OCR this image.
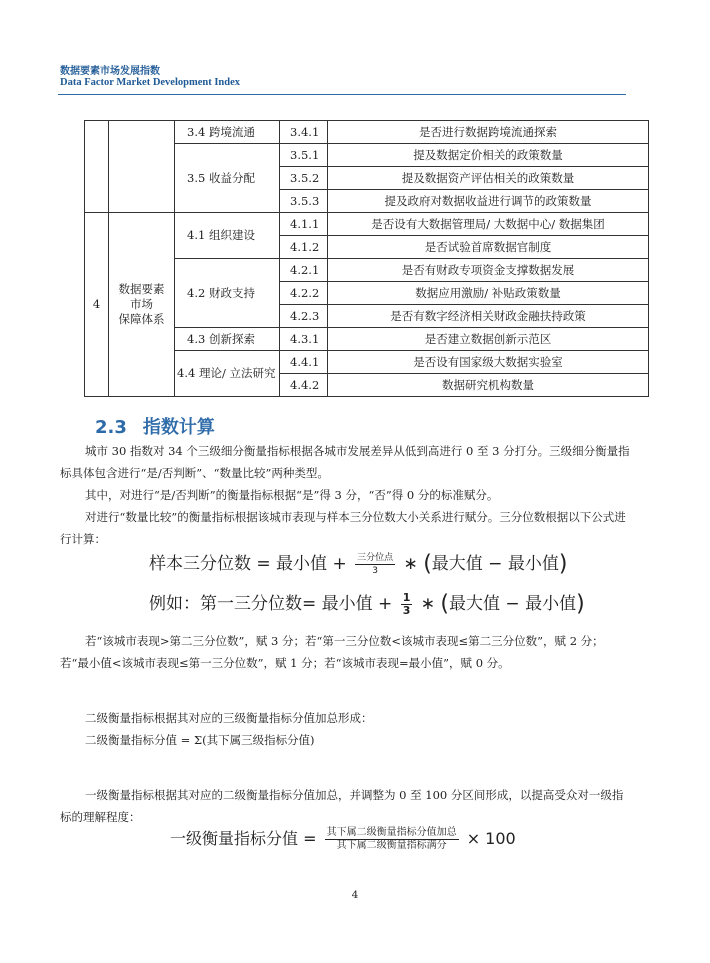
数据要素市场发展指数
Data Factor Market Development Index
		3.4 跨境流通	3.4.1	是否进行数据跨境流通探索
		3.5 收益分配	3.5.1	提及数据定价相关的政策数量
			3.5.2	提及数据资产评估相关的政策数量
			3.5.3	提及政府对数据收益进行调节的政策数量
4	数据要素
市场
保障体系	4.1 组织建设	4.1.1	是否设有大数据管理局/ 大数据中心/ 数据集团
			4.1.2	是否试验首席数据官制度
		4.2 财政支持	4.2.1	是否有财政专项资金支撑数据发展
			4.2.2	数据应用激励/ 补贴政策数量
			4.2.3	是否有数字经济相关财政金融扶持政策
		4.3 创新探索	4.3.1	是否建立数据创新示范区
		4.4 理论/ 立法研究	4.4.1	是否设有国家级大数据实验室
			4.4.2	数据研究机构数量
2.3 指数计算
城市 30 指数对 34 个三级细分衡量指标根据各城市发展差异从低到高进行 0 至 3 分打分。三级细分衡量指标具体包含进行“是/否判断”、“数量比较”两种类型。
其中，对进行“是/否判断”的衡量指标根据“是”得 3 分，“否”得 0 分的标准赋分。
对进行“数量比较”的衡量指标根据该城市表现与样本三分位数大小关系进行赋分。三分位数根据以下公式进行计算：
样本三分位数 = 最小值 + $\frac{\text{三分位点}}{3}$ ∗ (最大值 − 最小值)
例如：第一三分位数= 最小值 + $\frac{1}{3}$ ∗ (最大值 − 最小值)
若“该城市表现>第二三分位数”，赋 3 分；若“第一三分位数<该城市表现≤第二三分位数”，赋 2 分；若“最小值<该城市表现≤第一三分位数”，赋 1 分；若“该城市表现=最小值”，赋 0 分。
二级衡量指标根据其对应的三级衡量指标分值加总形成：
二级衡量指标分值 = Σ(其下属三级指标分值)
一级衡量指标根据其对应的二级衡量指标分值加总，并调整为 0 至 100 分区间形成，以提高受众对一级指标的理解程度：
一级衡量指标分值 = $\frac{\text{其下属二级衡量指标分值加总}}{\text{其下属二级衡量指标满分}} \times 100$
4
